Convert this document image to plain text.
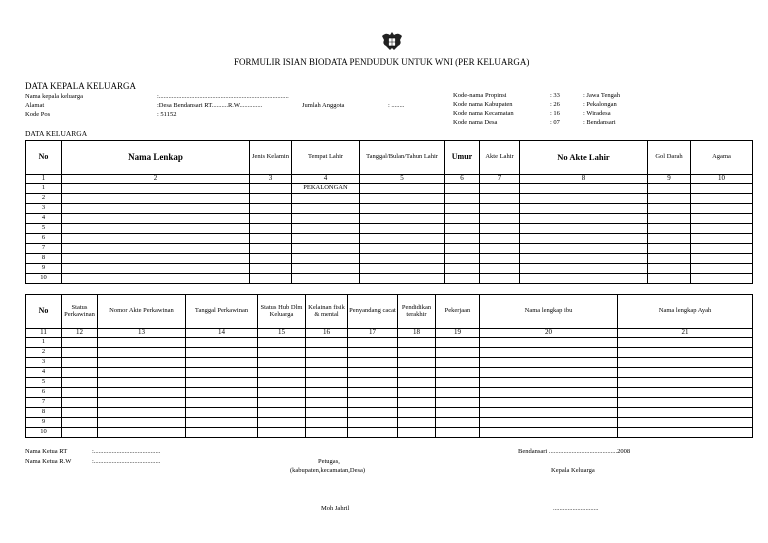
FORMULIR ISIAN BIODATA PENDUDUK UNTUK WNI (PER KELUARGA)
DATA KEPALA KELUARGA
Nama kepala keluarga	:................................................................................
Alamat	:Desa Bendansari RT..........R.W..............	Jumlah Anggota	: ........
Kode Pos	: 51152
Kode-nama Propinsi	: 33	: Jawa Tengah
Kode nama Kabupaten	: 26	: Pekalongan
Kode nama Kecamatan	: 16	: Wiradesa
Kode nama Desa	: 07	: Bendansari
DATA KELUARGA
No	Nama Lenkap	Jenis Kelamin	Tempat Lahir	Tanggal/Bulan/Tahun Lahir	Umur	Akte Lahir	No Akte Lahir	Gol Darah	Agama
1	2	3	4	5	6	7	8	9	10
1			PEKALONGAN						
2									
3									
4									
5									
6									
7									
8									
9									
10									
No	Status Perkawinan	Nomor Akte Perkawinan	Tanggal Perkawinan	Status Hub Dlm Keluarga	Kelainan fisik & mental	Penyandang cacat	Pendidikan terakhir	Pekerjaan	Nama lengkap ibu	Nama lengkap Ayah
11	12	13	14	15	16	17	18	19	20	21
1										
2										
3										
4										
5										
6										
7										
8										
9										
10										
Nama Ketua RT	:.........................................
Nama Ketua R.W	:.........................................
Bendansari ..........................................2008
Petugas,
(kabupaten,kecamatan,Desa)	Kepala Keluarga
Moh Jahril	............................
